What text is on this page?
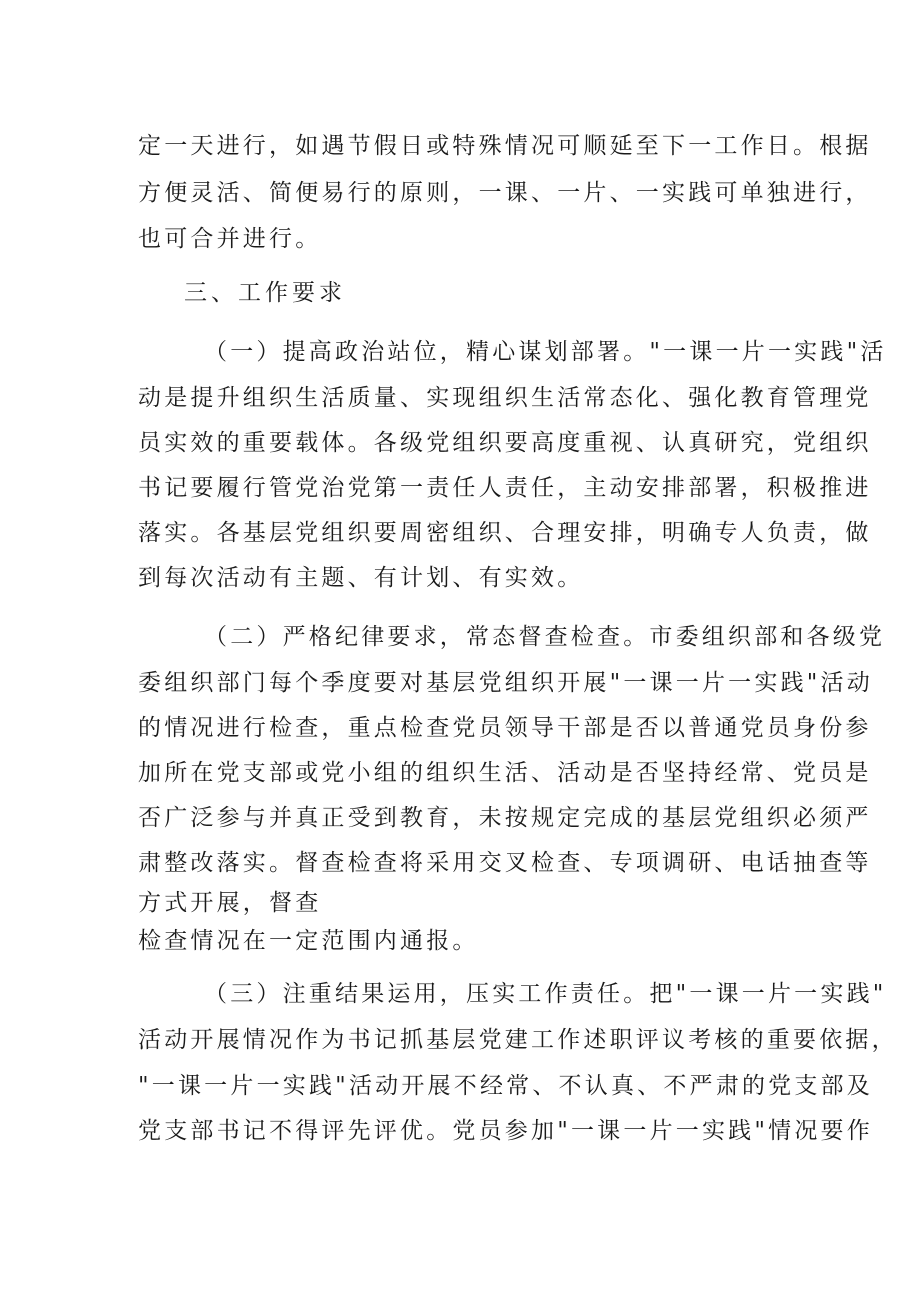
定一天进行，如遇节假日或特殊情况可顺延至下一工作日。根据
方便灵活、简便易行的原则，一课、一片、一实践可单独进行，
也可合并进行。
三、工作要求
（一）提高政治站位，精心谋划部署。"一课一片一实践"活
动是提升组织生活质量、实现组织生活常态化、强化教育管理党
员实效的重要载体。各级党组织要高度重视、认真研究，党组织
书记要履行管党治党第一责任人责任，主动安排部署，积极推进
落实。各基层党组织要周密组织、合理安排，明确专人负责，做
到每次活动有主题、有计划、有实效。
（二）严格纪律要求，常态督查检查。市委组织部和各级党
委组织部门每个季度要对基层党组织开展"一课一片一实践"活动
的情况进行检查，重点检查党员领导干部是否以普通党员身份参
加所在党支部或党小组的组织生活、活动是否坚持经常、党员是
否广泛参与并真正受到教育，未按规定完成的基层党组织必须严
肃整改落实。督查检查将采用交叉检查、专项调研、电话抽查等
方式开展，督查
检查情况在一定范围内通报。
（三）注重结果运用，压实工作责任。把"一课一片一实践"
活动开展情况作为书记抓基层党建工作述职评议考核的重要依据，
"一课一片一实践"活动开展不经常、不认真、不严肃的党支部及
党支部书记不得评先评优。党员参加"一课一片一实践"情况要作
